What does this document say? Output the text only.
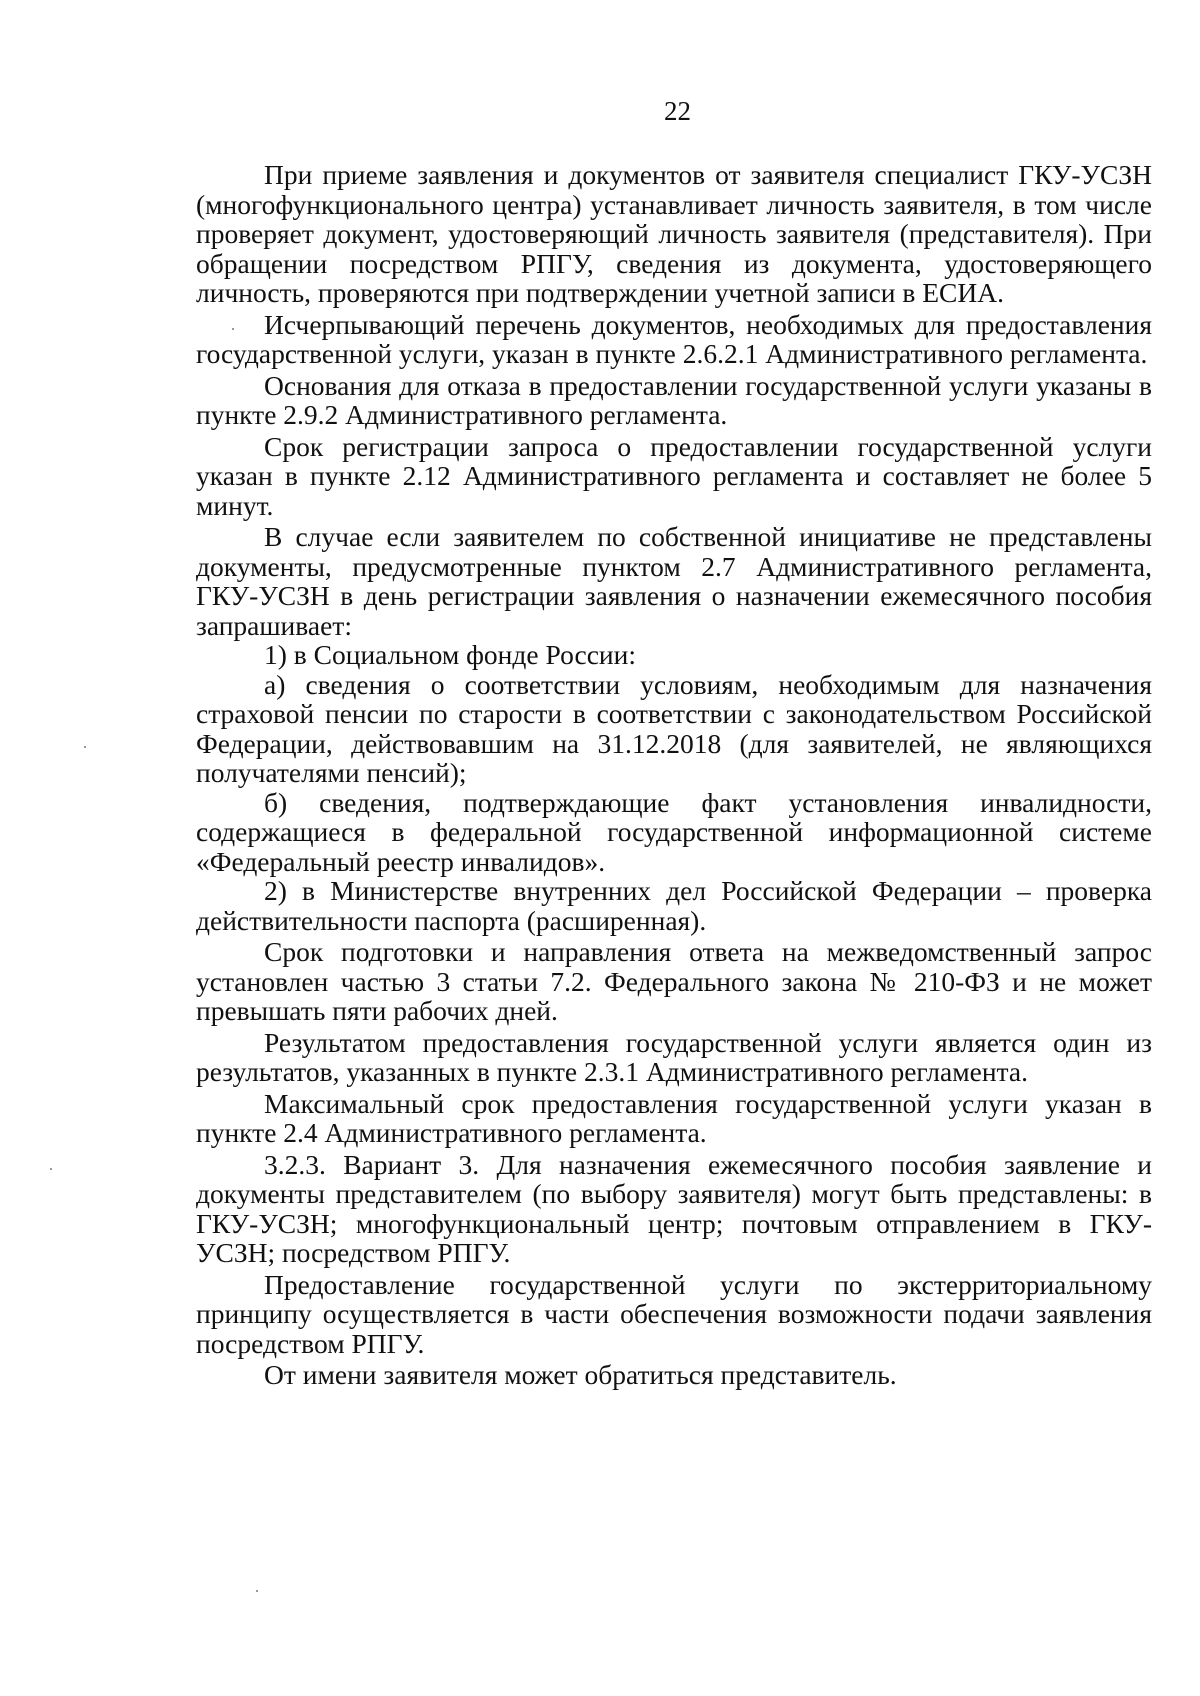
22

При приеме заявления и документов от заявителя специалист ГКУ-УСЗН (многофункционального центра) устанавливает личность заявителя, в том числе проверяет документ, удостоверяющий личность заявителя (представителя). При обращении посредством РПГУ, сведения из документа, удостоверяющего личность, проверяются при подтверждении учетной записи в ЕСИА.

Исчерпывающий перечень документов, необходимых для предоставления государственной услуги, указан в пункте 2.6.2.1 Административного регламента.

Основания для отказа в предоставлении государственной услуги указаны в пункте 2.9.2 Административного регламента.

Срок регистрации запроса о предоставлении государственной услуги указан в пункте 2.12 Административного регламента и составляет не более 5 минут.

В случае если заявителем по собственной инициативе не представлены документы, предусмотренные пунктом 2.7 Административного регламента, ГКУ-УСЗН в день регистрации заявления о назначении ежемесячного пособия запрашивает:

1) в Социальном фонде России:

а) сведения о соответствии условиям, необходимым для назначения страховой пенсии по старости в соответствии с законодательством Российской Федерации, действовавшим на 31.12.2018 (для заявителей, не являющихся получателями пенсий);

б) сведения, подтверждающие факт установления инвалидности, содержащиеся в федеральной государственной информационной системе «Федеральный реестр инвалидов».

2) в Министерстве внутренних дел Российской Федерации – проверка действительности паспорта (расширенная).

Срок подготовки и направления ответа на межведомственный запрос установлен частью 3 статьи 7.2. Федерального закона № 210-ФЗ и не может превышать пяти рабочих дней.

Результатом предоставления государственной услуги является один из результатов, указанных в пункте 2.3.1 Административного регламента.

Максимальный срок предоставления государственной услуги указан в пункте 2.4 Административного регламента.

3.2.3. Вариант 3. Для назначения ежемесячного пособия заявление и документы представителем (по выбору заявителя) могут быть представлены: в ГКУ-УСЗН; многофункциональный центр; почтовым отправлением в ГКУ-УСЗН; посредством РПГУ.

Предоставление государственной услуги по экстерриториальному принципу осуществляется в части обеспечения возможности подачи заявления посредством РПГУ.

От имени заявителя может обратиться представитель.
